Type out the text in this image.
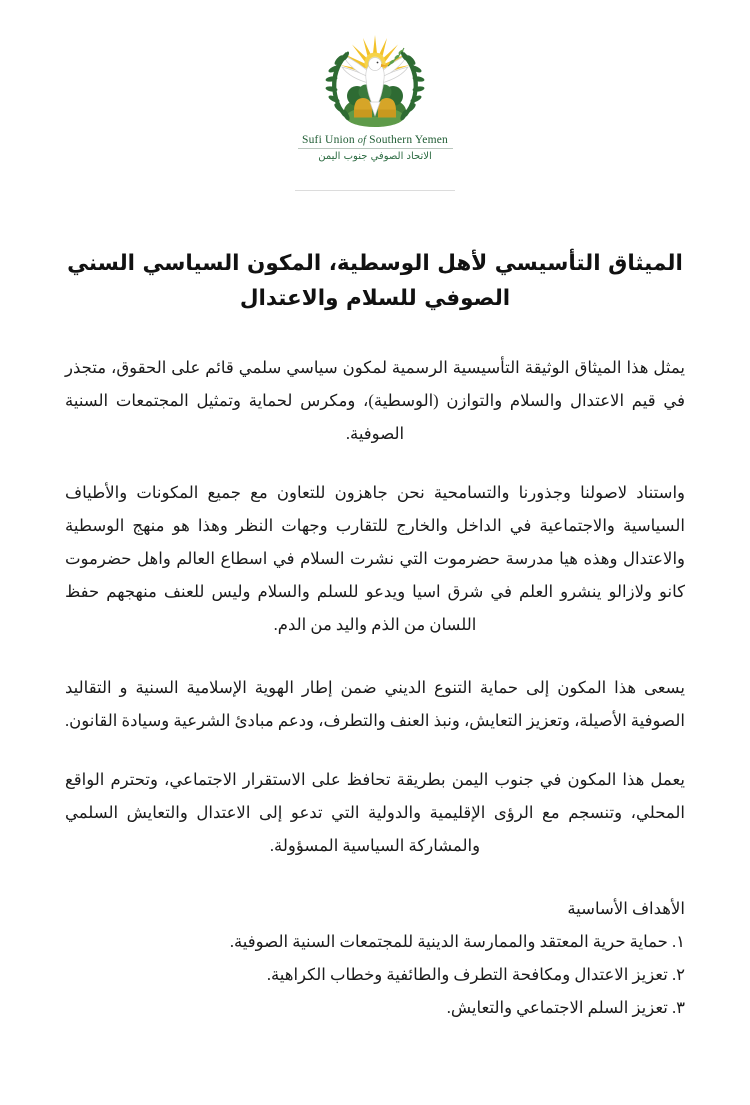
Sufi Union of Southern Yemen
الاتحاد الصوفي جنوب اليمن
الميثاق التأسيسي لأهل الوسطية، المكون السياسي السني الصوفي للسلام والاعتدال

يمثل هذا الميثاق الوثيقة التأسيسية الرسمية لمكون سياسي سلمي قائم على الحقوق، متجذر في قيم الاعتدال والسلام والتوازن (الوسطية)، ومكرس لحماية وتمثيل المجتمعات السنية الصوفية.

واستناد لاصولنا وجذورنا والتسامحية نحن جاهزون للتعاون مع جميع المكونات والأطياف السياسية والاجتماعية في الداخل والخارج للتقارب وجهات النظر وهذا هو منهج الوسطية والاعتدال وهذه هيا مدرسة حضرموت التي نشرت السلام في اسطاع العالم واهل حضرموت كانو ولازالو ينشرو العلم في شرق اسيا ويدعو للسلم والسلام وليس للعنف منهجهم حفظ اللسان من الذم واليد من الدم.

يسعى هذا المكون إلى حماية التنوع الديني ضمن إطار الهوية الإسلامية السنية و التقاليد الصوفية الأصيلة، وتعزيز التعايش، ونبذ العنف والتطرف، ودعم مبادئ الشرعية وسيادة القانون.

يعمل هذا المكون في جنوب اليمن بطريقة تحافظ على الاستقرار الاجتماعي، وتحترم الواقع المحلي، وتنسجم مع الرؤى الإقليمية والدولية التي تدعو إلى الاعتدال والتعايش السلمي والمشاركة السياسية المسؤولة.

الأهداف الأساسية
١. حماية حرية المعتقد والممارسة الدينية للمجتمعات السنية الصوفية.
٢. تعزيز الاعتدال ومكافحة التطرف والطائفية وخطاب الكراهية.
٣. تعزيز السلم الاجتماعي والتعايش.
